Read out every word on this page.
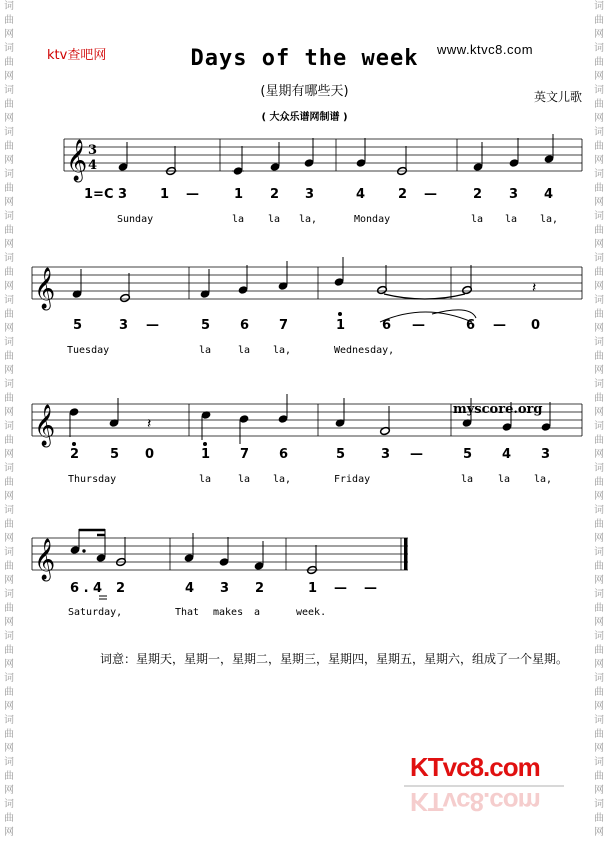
词
曲
网
词
曲
网
词
曲
网
词
曲
网
词
曲
网
词
曲
网
词
曲
网
词
曲
网
词
曲
网
词
曲
网
词
曲
网
词
曲
网
词
曲
网
词
曲
网
词
曲
网
词
曲
网
词
曲
网
词
曲
网
词
曲
网
词
曲
网
词
曲
网
词
曲
网
词
曲
网
词
曲
网
词
曲
网
词
曲
网
词
曲
网
词
曲
网
词
曲
网
词
曲
网
词
曲
网
词
曲
网
词
曲
网
词
曲
网
词
曲
网
词
曲
网
词
曲
网
词
曲
网
词
曲
网
词
曲
网
ktv查吧网	www.ktvc8.com
Days of the week
(星期有哪些天)
( 大众乐谱网制谱 )
英文儿歌
𝄞 3
4
𝄞	𝄽
𝄞	𝄽
𝄞
1=C 3	1 —	1 2 3	4	2 —	2 3 4
Sunday	la la la,	Monday	la la la,
5	3 —	5 6 7	1	6 —	6 — 0
Tuesday	la	la la,	Wednesday,
2 5 0	1 7 6	5	3 —	5 4 3
Thursday	la	la la,	Friday	la la la,
6 . 4 2	4 3 2	1 — —
Saturday,	That makes a	week.
myscore.org
词意：星期天，星期一，星期二，星期三，星期四，星期五，星期六，组成了一个星期。
KTvc8.com
KTvc8.com
